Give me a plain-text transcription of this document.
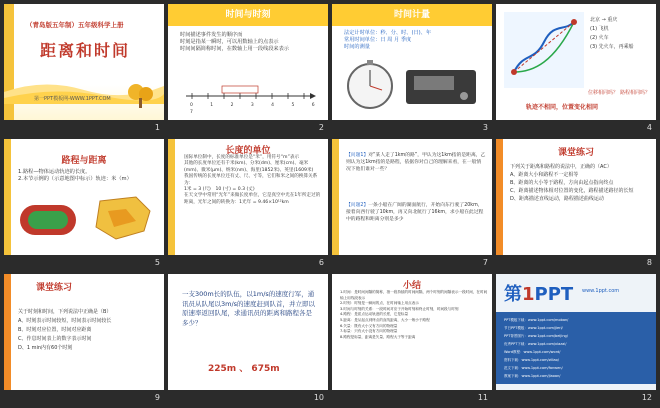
（青岛版五年制）五年级科学上册
距离和时间
第一PPT模板网-WWW.1PPT.COM
1
时间与时刻
时间描述事件发生的顺序而
时刻是指某一瞬时，可以用数轴上的点表示
时间间隔简称时间，在数轴上用一段线段来表示
0 1 2 3 4 5 6 7
2
时间计量
法定计时单位：秒、分、时、(日)、年
常用时间单位：日 周 月 季度
时间的测量
3
北京 → 重庆
(1) 飞机
(2) 火车
(3) 先火车，再乘船
位移相同吗？ 路程相同吗？
轨迹不相同，位置变化相同
4
路程与距离
1.路程—物体运动轨迹的长度。
2.本节示例的（示意地图中标示）轨迹：米（m）
5
长度的单位
国际单位制中，长度的标准单位是“米”，用符号“m”表示
其他的长度单位还有千米(km)、分米(dm)、厘米(cm)、毫米(mm)、微米(μm)、纳米(nm)、海里(1852米)、英里(1609米)
我国传统的长度单位还有丈、尺、寸等，它们和米之间的换算关系为：
1米 = 3 (尺)　10 (寸) = 0.3 (丈)
在天文学中常用“光年”来做长度单位，它是真空中光在1年所走过的距离，光年之间的转换为：1光年 = 9.46×10¹²km
6
【问题1】对“某人走了1km的路”，甲认为这1km指的是距离，乙则认为这1km指的是路程，依据你对自己的理解来看，在一般情况下他们谁对一些？
【问题2】一条小船在广阔的湖面航行，开始向东行驶了20km，接着向西行驶了10km，再又向北航行了16km，求小船在此过程中的路程和距离分别是多少
7
课堂练习
下列关于距离和路程的说法中，正确的（AC）
A、距离大小和路程不一定相等
B、距离的大小等于路程，方向由起点指向终点
C、距离描述物体相对位置的变化，路程描述路径的长短
D、距离描述直线运动，路程描述曲线运动
8
课堂练习
关于时刻和时间，下列说法中正确是（B）
A、时刻表示时间较短，时间表示时间较长
B、时刻对应位置，时间对应距离
C、作息时间表上的数字表示时间
D、1 min内有60个时刻
9
一支300m长的队伍，以1m/s的速度行军，通讯员从队尾以3m/s的速度赶到队首，并立即以原速率返回队尾，求通讯员的距离和路程各是多少？
225m 、 675m
10
小结
1.时间：是时间间隔的简称，指一段持续的时间间隔，两个时刻的间隔表示一段时间，在时间轴上用线段表示
2.时刻：时刻是一瞬间的点，在时间轴上用点表示
3.时间与时刻的关系：一段时间对应于开始时刻和终止时刻，时间段与时刻
4.路程：是质点运动轨迹的长度，它是标量
5.距离：是从起点到终点的直线距离，大小一般小于路程
6.矢量：既有大小又有方向的物理量
7.标量：只有大小没有方向的物理量
8.路程是标量，距离是矢量，路程大于等于距离
11
第1PPT www.1ppt.com
PPT模板下载：www.1ppt.com/moban/
节日PPT模板：www.1ppt.com/jieri/
PPT背景图片：www.1ppt.com/beijing/
优秀PPT下载：www.1ppt.com/xiazai/
Word教程：www.1ppt.com/word/
资料下载：www.1ppt.com/ziliao/
范文下载：www.1ppt.com/fanwen/
教案下载：www.1ppt.com/jiaoan/
12
